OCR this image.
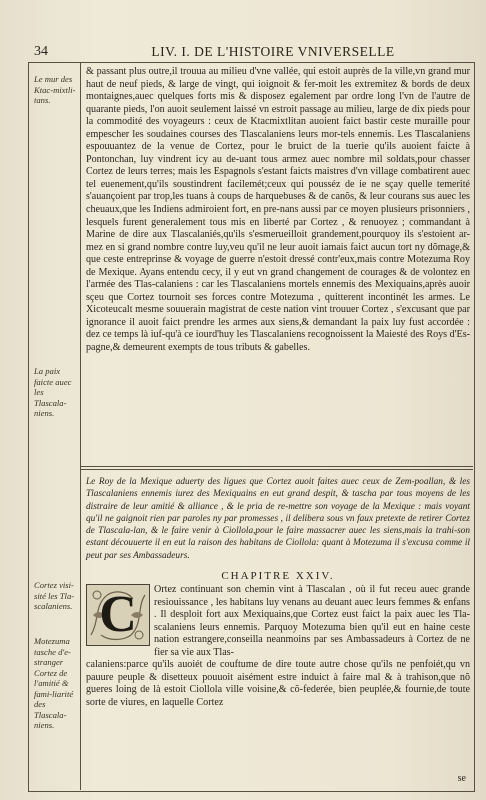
34	LIV. I. DE L'HISTOIRE VNIVERSELLE
Le mur des Ktac-mixtli-tans.
La paix faicte auec les Tlascala-niens.
Cortez visi-sité les Tla-scalaniens.
Motezuma tasche d'e-stranger Cortez de l'amitié & fami-liarité des Tlascala-niens.

& passant plus outre,il trouua au milieu d'vne vallée, qui estoit auprès de la ville,vn grand mur haut de neuf pieds, & large de vingt, qui ioignoit & fer-moit les extremitez & bords de deux montaignes,auec quelques forts mis & disposez egalement par ordre long l'vn de l'autre de quarante pieds, l'on auoit seulement laissé vn estroit passage au milieu, large de dix pieds pour la commodité des voyageurs : ceux de Ktacmixtlitan auoient faict bastir ceste muraille pour empescher les soudaines courses des Tlascalaniens leurs mor-tels ennemis. Les Tlascalaniens espouuantez de la venue de Cortez, pour le bruict de la tuerie qu'ils auoient faicte à Pontonchan, luy vindrent icy au de-uant tous armez auec nombre mil soldats,pour chasser Cortez de leurs terres; mais les Espagnols s'estant faicts maistres d'vn village combatirent auec tel euenement,qu'ils soustindrent facilemét;ceux qui pousséz de ie ne sçay quelle temerité s'auançoient par trop,les tuans à coups de harquebuses & de canõs, & leur courans sus auec les cheuaux,que les Indiens admiroient fort, en pre-nans aussi par ce moyen plusieurs prisonniers , lesquels furent generalement tous mis en liberté par Cortez , & renuoyez ; commandant à Marine de dire aux Tlascalaniés,qu'ils s'esmerueilloit grandement,pourquoy ils s'estoient ar-mez en si grand nombre contre luy,veu qu'il ne leur auoit iamais faict aucun tort ny dõmage,& que ceste entreprinse & voyage de guerre n'estoit dressé contr'eux,mais contre Motezuma Roy de Mexique. Ayans entendu cecy, il y eut vn grand changement de courages & de volontez en l'armée des Tlas-calaniens : car les Tlascalaniens mortels ennemis des Mexiquains,après auoir sçeu que Cortez tournoit ses forces contre Motezuma , quitterent incontinét les armes. Le Xicoteucalt mesme souuerain magistrat de ceste nation vint trouuer Cortez , s'excusant que par ignorance il auoit faict prendre les armes aux siens,& demandant la paix luy fust accordée : dez ce temps là iuf-qu'à ce iourd'huy les Tlascalaniens recognoissent la Maiesté des Roys d'Es-pagne,& demeurent exempts de tous tributs & gabelles.

Le Roy de la Mexique aduerty des ligues que Cortez auoit faites auec ceux de Zem-poallan, & les Tlascalaniens ennemis iurez des Mexiquains en eut grand despit, & tascha par tous moyens de les distraire de leur amitié & alliance , & le pria de re-mettre son voyage de la Mexique : mais voyant qu'il ne gaignoit rien par paroles ny par promesses , il delibera sous vn faux pretexte de retirer Cortez de Tlascala-lan, & le faire venir à Ciollola,pour le faire massacrer auec les siens,mais la trahi-son estant découuerte il en eut la raison des habitans de Ciollola: quant à Motezuma il s'excusa comme il peut par ses Ambassadeurs.
CHAPITRE XXIV.
C	Ortez continuant son chemin vint à Tlascalan , où il fut receu auec grande resiouissance , les habitans luy venans au deuant auec leurs femmes & enfans . Il desploit fort aux Mexiquains,que Cortez eust faict la paix auec les Tla-scalaniens leurs ennemis. Parquoy Motezuma bien qu'il eut en haine ceste nation estrangere,conseilla neanmoins par ses Ambassadeurs à Cortez de ne fier sa vie aux Tlas-
calaniens:parce qu'ils auoiét de couftume de dire toute autre chose qu'ils ne penfoiét,qu vn pauure peuple & disetteux pouuoit aisément estre induict à faire mal & à trahison,que nõ gueres loing de là estoit Ciollola ville voisine,& cõ-federée, bien peuplée,& fournie,de toute sorte de viures, en laquelle Cortez
se
